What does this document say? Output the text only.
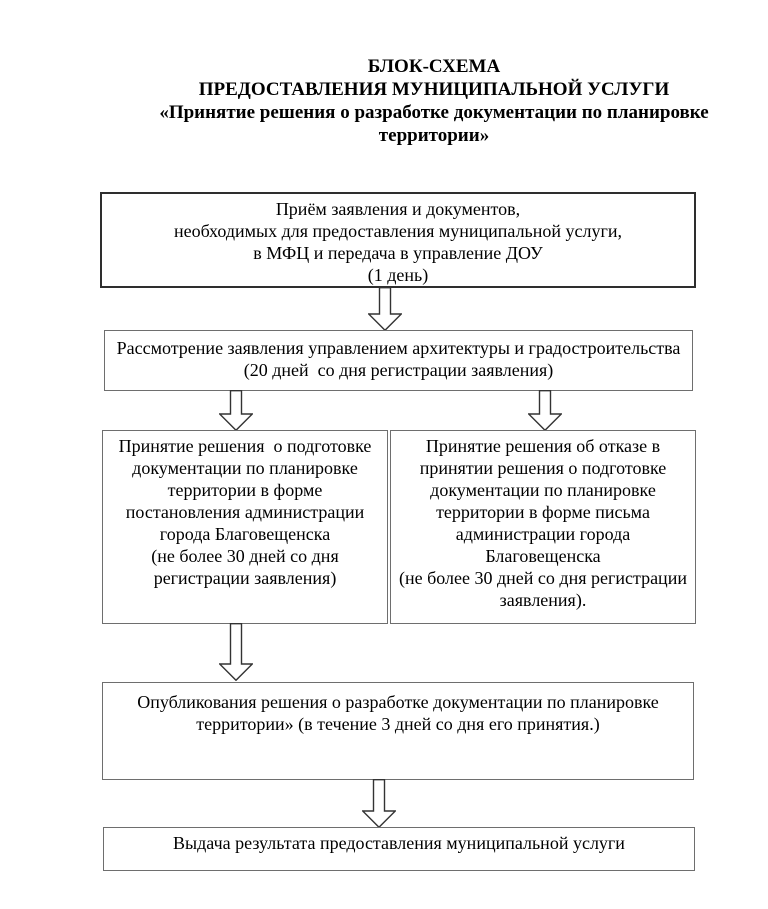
БЛОК-СХЕМА
ПРЕДОСТАВЛЕНИЯ МУНИЦИПАЛЬНОЙ УСЛУГИ
«Принятие решения о разработке документации по планировке
территории»
Приём заявления и документов,
необходимых для предоставления муниципальной услуги,
в МФЦ и передача в управление ДОУ
(1 день)
Рассмотрение заявления управлением архитектуры и градостроительства
(20 дней  со дня регистрации заявления)
Принятие решения  о подготовке
документации по планировке
территории в форме
постановления администрации
города Благовещенска
(не более 30 дней со дня
регистрации заявления)
Принятие решения об отказе в
принятии решения о подготовке
документации по планировке
территории в форме письма
администрации города
Благовещенска
(не более 30 дней со дня регистрации
заявления).
Опубликования решения о разработке документации по планировке
территории» (в течение 3 дней со дня его принятия.)
Выдача результата предоставления муниципальной услуги
